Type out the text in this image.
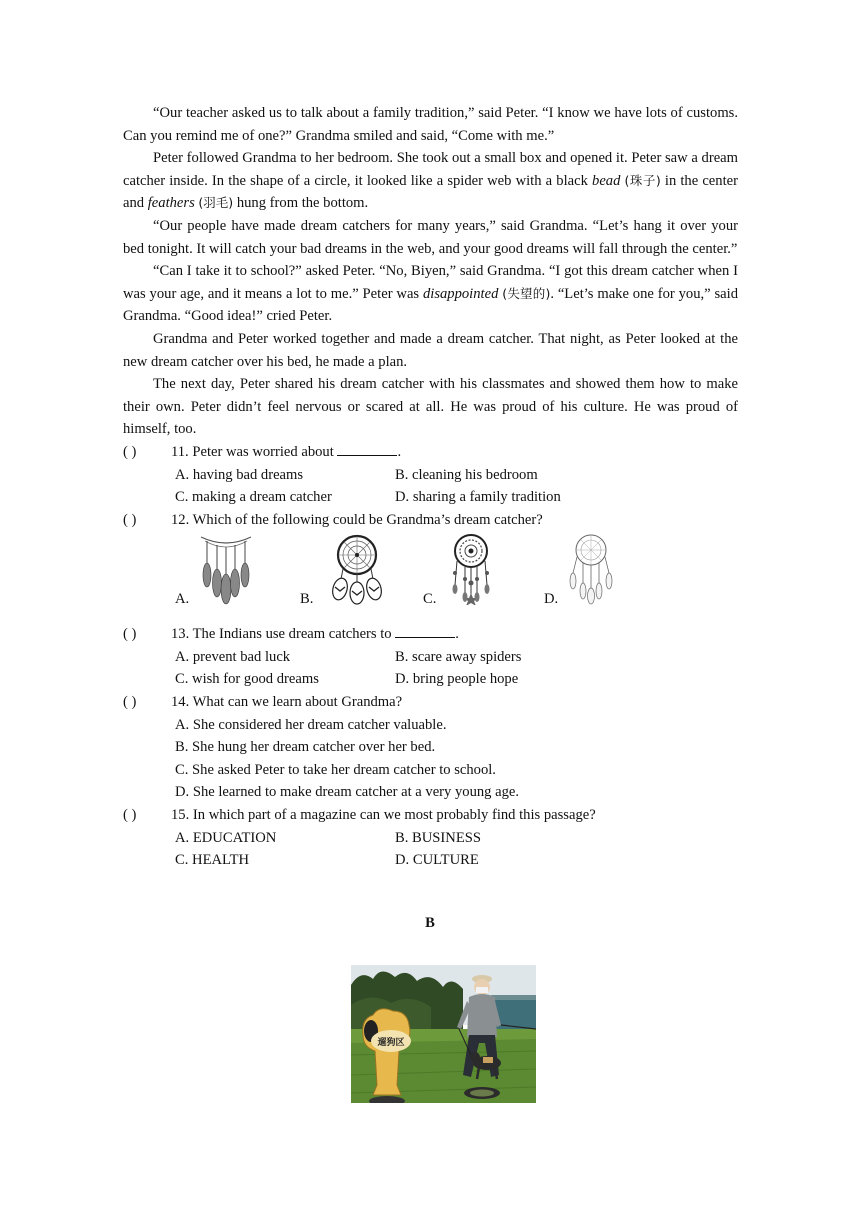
“Our teacher asked us to talk about a family tradition,” said Peter. “I know we have lots of customs. Can you remind me of one?” Grandma smiled and said, “Come with me.”

Peter followed Grandma to her bedroom. She took out a small box and opened it. Peter saw a dream catcher inside. In the shape of a circle, it looked like a spider web with a black bead (珠子) in the center and feathers (羽毛) hung from the bottom.

“Our people have made dream catchers for many years,” said Grandma. “Let’s hang it over your bed tonight. It will catch your bad dreams in the web, and your good dreams will fall through the center.”

“Can I take it to school?” asked Peter. “No, Biyen,” said Grandma. “I got this dream catcher when I was your age, and it means a lot to me.” Peter was disappointed (失望的). “Let’s make one for you,” said Grandma. “Good idea!” cried Peter.

Grandma and Peter worked together and made a dream catcher. That night, as Peter looked at the new dream catcher over his bed, he made a plan.

The next day, Peter shared his dream catcher with his classmates and showed them how to make their own. Peter didn’t feel nervous or scared at all. He was proud of his culture. He was proud of himself, too.

( ) 11. Peter was worried about	.
A. having bad dreams	B. cleaning his bedroom
C. making a dream catcher	D. sharing a family tradition
( ) 12. Which of the following could be Grandma’s dream catcher?
A.	B.	C.	D.
( ) 13. The Indians use dream catchers to	.
A. prevent bad luck	B. scare away spiders
C. wish for good dreams	D. bring people hope
( ) 14. What can we learn about Grandma?
A. She considered her dream catcher valuable.
B. She hung her dream catcher over her bed.
C. She asked Peter to take her dream catcher to school.
D. She learned to make dream catcher at a very young age.
( ) 15. In which part of a magazine can we most probably find this passage?
A. EDUCATION	B. BUSINESS
C. HEALTH	D. CULTURE
B
遛狗区
